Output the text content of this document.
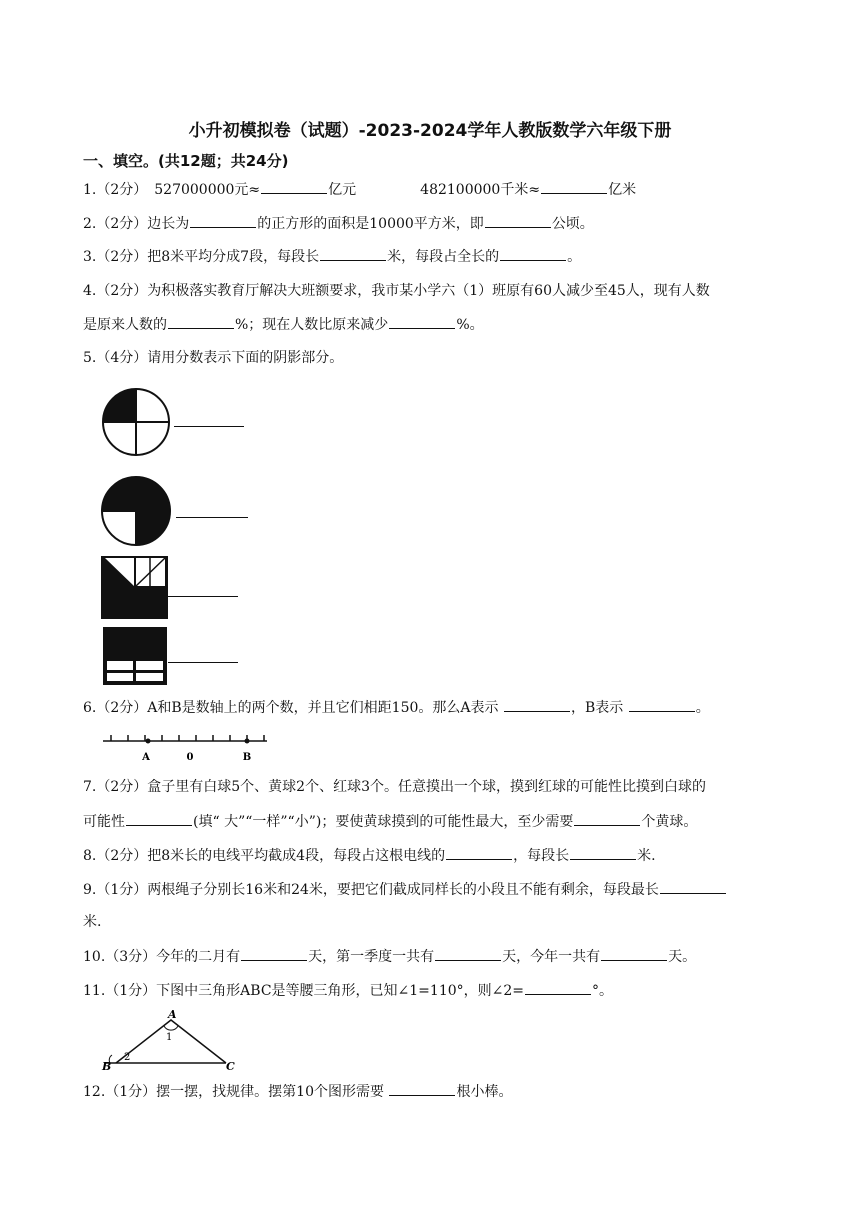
小升初模拟卷（试题）-2023-2024学年人教版数学六年级下册
一、填空。(共12题；共24分)
1.（2分）　527000000元≈	亿元	482100000千米≈	亿米
2.（2分）边长为	的正方形的面积是10000平方米，即	公顷。
3.（2分）把8米平均分成7段，每段长	米，每段占全长的	。
4.（2分）为积极落实教育厅解决大班额要求，我市某小学六（1）班原有60人减少至45人，现有人数
是原来人数的	%；现在人数比原来减少	%。
5.（4分）请用分数表示下面的阴影部分。
6.（2分）A和B是数轴上的两个数，并且它们相距150。那么A表示	，B表示	。
A	0	B
7.（2分）盒子里有白球5个、黄球2个、红球3个。任意摸出一个球，摸到红球的可能性比摸到白球的
可能性	(填“ 大”“一样”“小”)；要使黄球摸到的可能性最大，至少需要	个黄球。
8.（2分）把8米长的电线平均截成4段，每段占这根电线的	，每段长	米.
9.（1分）两根绳子分别长16米和24米，要把它们截成同样长的小段且不能有剩余，每段最长
米.
10.（3分）今年的二月有	天，第一季度一共有	天，今年一共有	天。
11.（1分）下图中三角形ABC是等腰三角形，已知∠1=110°，则∠2=	°。
A
1
B
2
C
12.（1分）摆一摆，找规律。摆第10个图形需要	根小棒。
